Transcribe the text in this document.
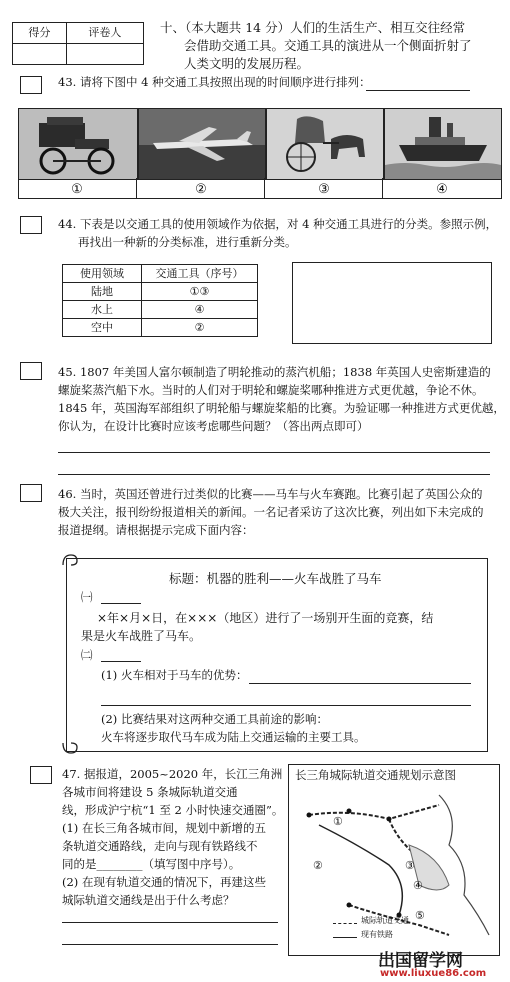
得分	评卷人
		十、（本大题共 14 分）人们的生活生产、相互交往经常
会借助交通工具。交通工具的演进从一个侧面折射了
人类文明的发展历程。
43. 请将下图中 4 种交通工具按照出现的时间顺序进行排列：
①	②	③	④
44. 下表是以交通工具的使用领域作为依据，对 4 种交通工具进行的分类。参照示例，
再找出一种新的分类标准，进行重新分类。
使用领域	交通工具（序号）
陆地	①③
水上	④
空中	②
45. 1807 年美国人富尔顿制造了明轮推动的蒸汽机船；1838 年英国人史密斯建造的
螺旋桨蒸汽船下水。当时的人们对于明轮和螺旋桨哪种推进方式更优越，争论不休。
1845 年，英国海军部组织了明轮船与螺旋桨船的比赛。为验证哪一种推进方式更优越，
你认为，在设计比赛时应该考虑哪些问题？（答出两点即可）
46. 当时，英国还曾进行过类似的比赛——马车与火车赛跑。比赛引起了英国公众的
极大关注，报刊纷纷报道相关的新闻。一名记者采访了这次比赛，列出如下未完成的
报道提纲。请根据提示完成下面内容：
标题：机器的胜利——火车战胜了马车
㈠
×年×月×日，在×××（地区）进行了一场别开生面的竞赛，结
果是火车战胜了马车。
㈡
(1) 火车相对于马车的优势：
(2) 比赛结果对这两种交通工具前途的影响：
火车将逐步取代马车成为陆上交通运输的主要工具。
47. 据报道，2005~2020 年，长江三角洲
各城市间将建设 5 条城际轨道交通
线，形成沪宁杭“1 至 2 小时快速交通圈”。
(1) 在长三角各城市间，规划中新增的五
条轨道交通路线，走向与现有铁路线不
同的是________（填写图中序号）。
(2) 在现有轨道交通的情况下，再建这些
城际轨道交通线是出于什么考虑？
长三角城际轨道交通规划示意图
①
②	③
④
⑤
城际轨道交通
现有铁路
出国留学网
www.liuxue86.com
